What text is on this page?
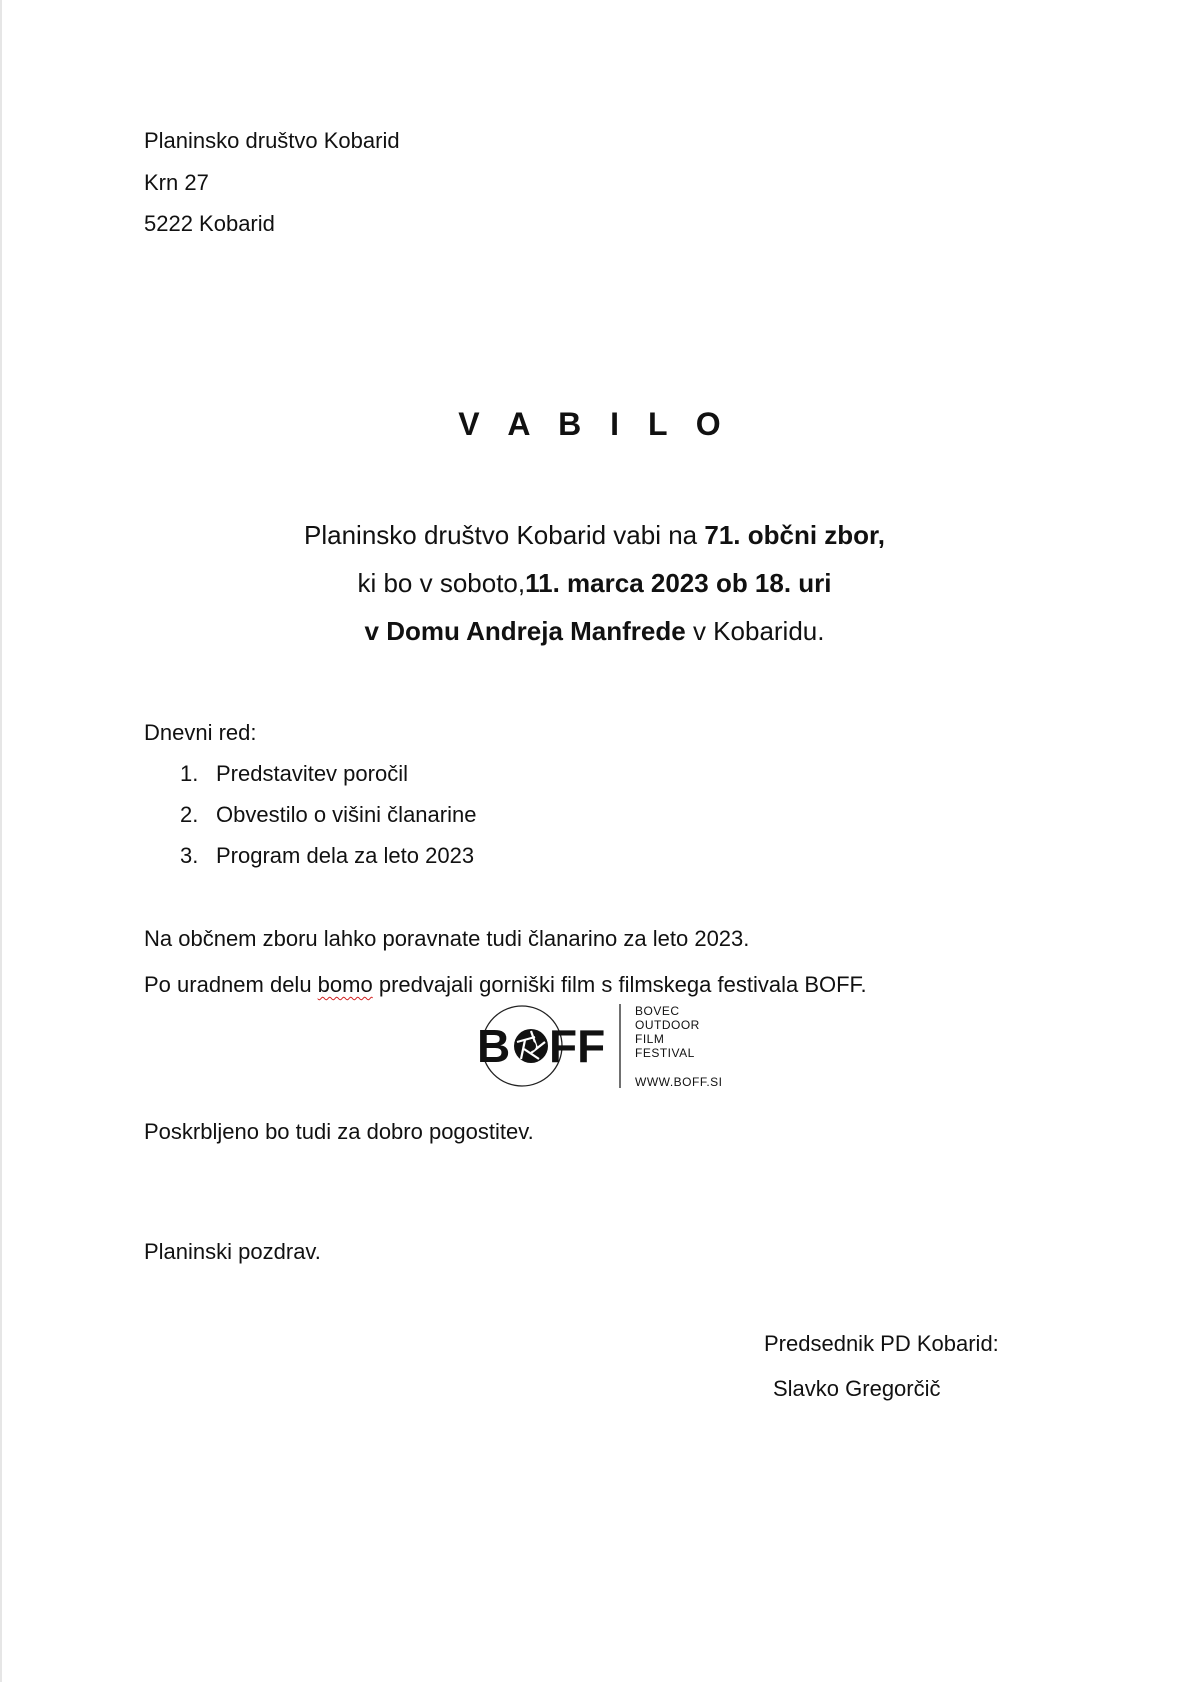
Planinsko društvo Kobarid
Krn 27
5222 Kobarid
V A B I L O
Planinsko društvo Kobarid vabi na 71. občni zbor,
ki bo v soboto,11. marca 2023 ob 18. uri
v Domu Andreja Manfrede v Kobaridu.
Dnevni red:
1. Predstavitev poročil
2. Obvestilo o višini članarine
3. Program dela za leto 2023
Na občnem zboru lahko poravnate tudi članarino za leto 2023.
Po uradnem delu bomo predvajali gorniški film s filmskega festivala BOFF.
B FF
BOVEC
OUTDOOR
FILM
FESTIVAL
WWW.BOFF.SI
Poskrbljeno bo tudi za dobro pogostitev.
Planinski pozdrav.
Predsednik PD Kobarid:
Slavko Gregorčič
